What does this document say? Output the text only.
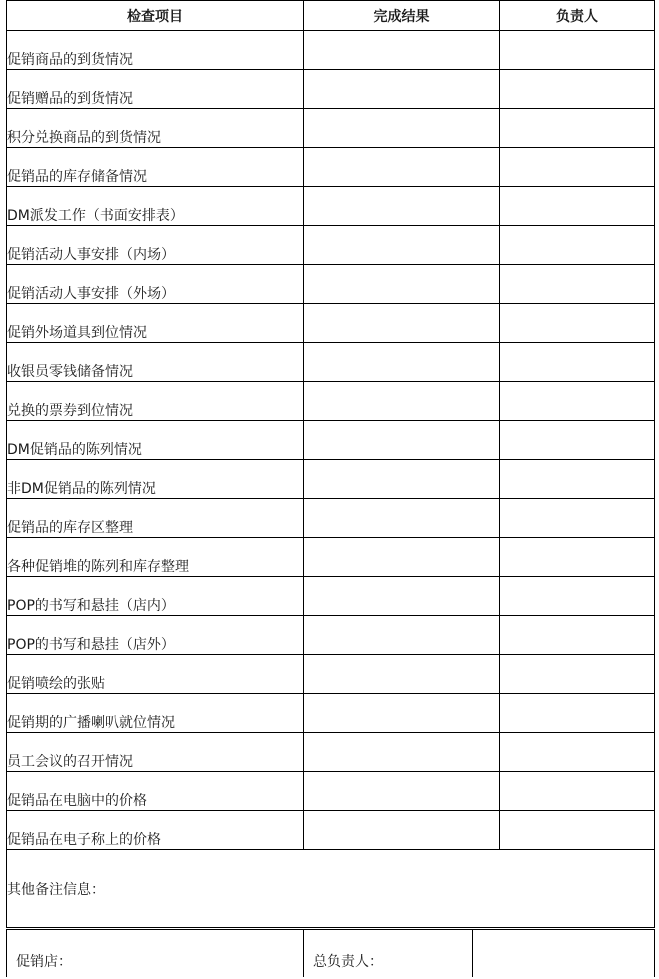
检查项目	完成结果	负责人
促销商品的到货情况		
促销赠品的到货情况		
积分兑换商品的到货情况		
促销品的库存储备情况		
DM派发工作（书面安排表）		
促销活动人事安排（内场）		
促销活动人事安排（外场）		
促销外场道具到位情况		
收银员零钱储备情况		
兑换的票券到位情况		
DM促销品的陈列情况		
非DM促销品的陈列情况		
促销品的库存区整理		
各种促销堆的陈列和库存整理		
POP的书写和悬挂（店内）		
POP的书写和悬挂（店外）		
促销喷绘的张贴		
促销期的广播喇叭就位情况		
员工会议的召开情况		
促销品在电脑中的价格		
促销品在电子称上的价格		
其他备注信息：		
促销店：	总负责人：	
